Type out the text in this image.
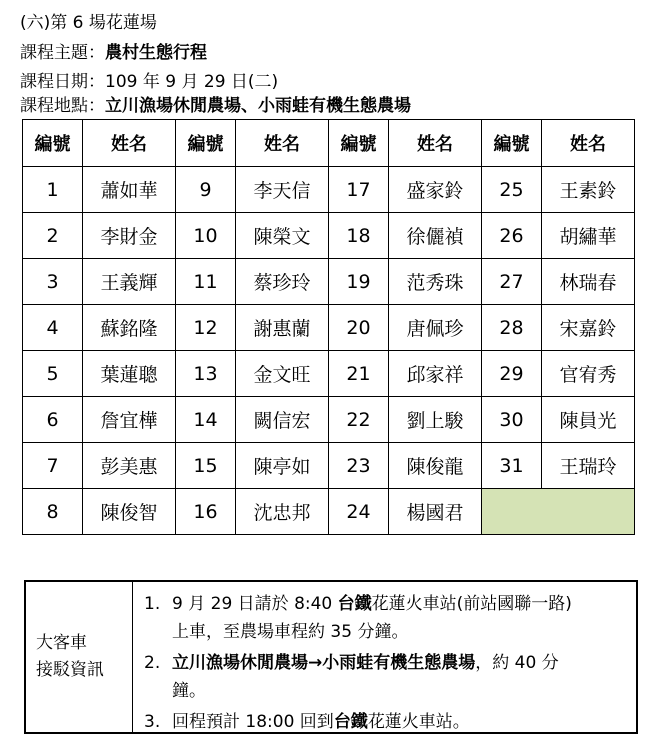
(六)第 6 場花蓮場
課程主題：農村生態行程
課程日期：109 年 9 月 29 日(二)
課程地點：立川漁場休閒農場、小雨蛙有機生態農場
編號	姓名	編號	姓名	編號	姓名	編號	姓名
1	蕭如華	9	李天信	17	盛家鈴	25	王素鈴
2	李財金	10	陳榮文	18	徐儷禎	26	胡繡華
3	王義輝	11	蔡珍玲	19	范秀珠	27	林瑞春
4	蘇銘隆	12	謝惠蘭	20	唐佩珍	28	宋嘉鈴
5	葉蓮聰	13	金文旺	21	邱家祥	29	官宥秀
6	詹宜樺	14	闕信宏	22	劉上駿	30	陳員光
7	彭美惠	15	陳亭如	23	陳俊龍	31	王瑞玲
8	陳俊智	16	沈忠邦	24	楊國君		
大客車
接駁資訊
1. 9 月 29 日請於 8:40 台鐵花蓮火車站(前站國聯一路)
上車，至農場車程約 35 分鐘。
2. 立川漁場休閒農場→小雨蛙有機生態農場，約 40 分
鐘。
3. 回程預計 18:00 回到台鐵花蓮火車站。
